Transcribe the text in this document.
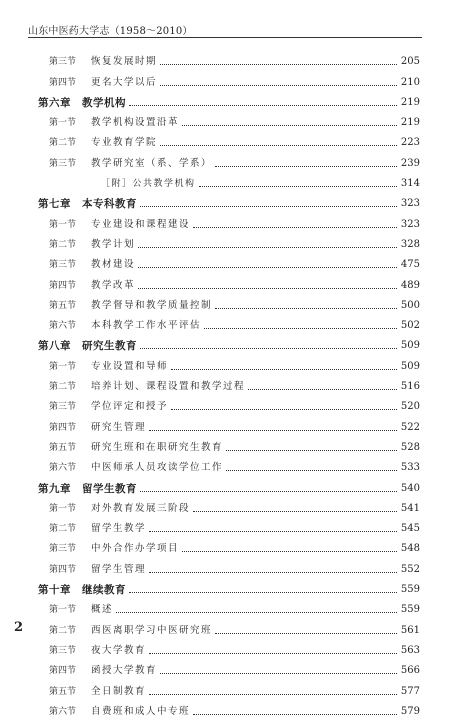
山东中医药大学志（1958～2010）
第三节	恢复发展时期	205
第四节	更名大学以后	210
第六章　教学机构	219
第一节	教学机构设置沿革	219
第二节	专业教育学院	223
第三节	教学研究室（系、学系）	239
［附］公共教学机构	314
第七章　本专科教育	323
第一节	专业建设和课程建设	323
第二节	教学计划	328
第三节	教材建设	475
第四节	教学改革	489
第五节	教学督导和教学质量控制	500
第六节	本科教学工作水平评估	502
第八章　研究生教育	509
第一节	专业设置和导师	509
第二节	培养计划、课程设置和教学过程	516
第三节	学位评定和授予	520
第四节	研究生管理	522
第五节	研究生班和在职研究生教育	528
第六节	中医师承人员攻读学位工作	533
第九章　留学生教育	540
第一节	对外教育发展三阶段	541
第二节	留学生教学	545
第三节	中外合作办学项目	548
第四节	留学生管理	552
第十章　继续教育	559
第一节	概述	559
第二节	西医离职学习中医研究班	561
第三节	夜大学教育	563
第四节	函授大学教育	566
第五节	全日制教育	577
第六节	自费班和成人中专班	579
2
